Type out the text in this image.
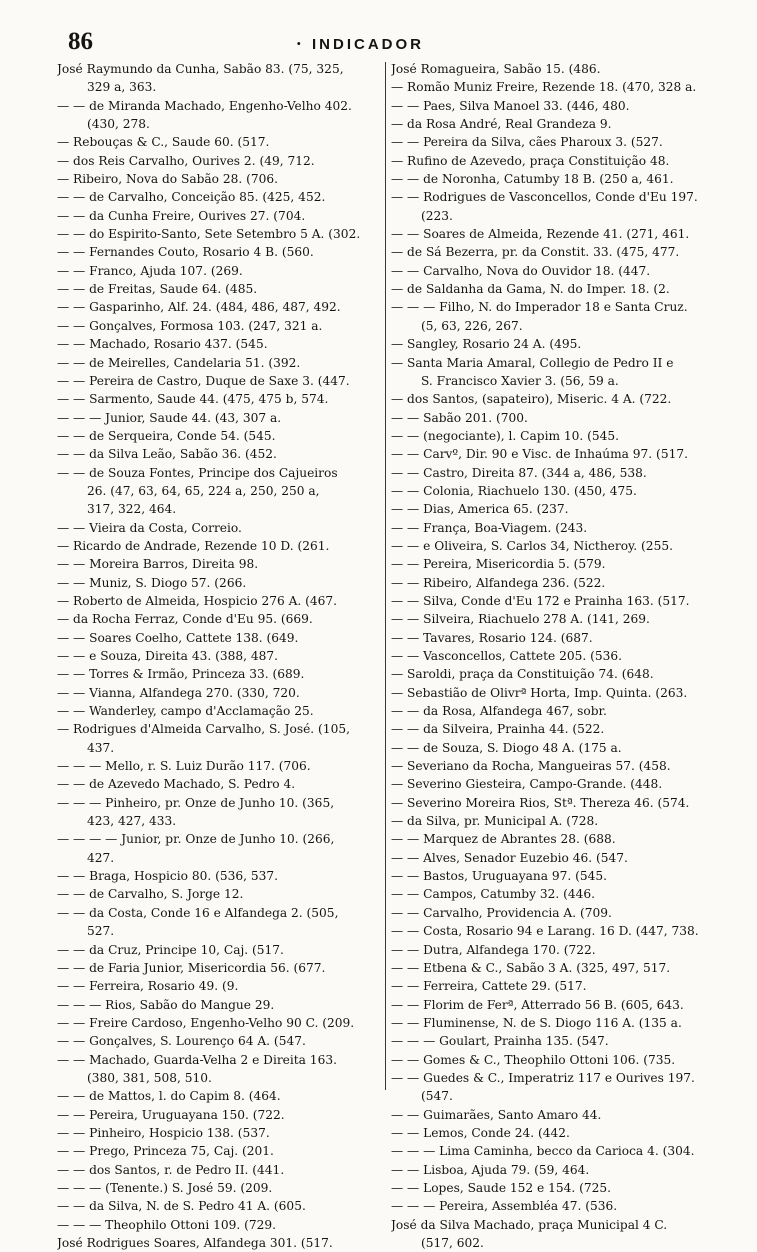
86	· INDICADOR
José Raymundo da Cunha, Sabão 83. (75, 325,
329 a, 363.
— — de Miranda Machado, Engenho-Velho 402.
(430, 278.
— Rebouças & C., Saude 60. (517.
— dos Reis Carvalho, Ourives 2. (49, 712.
— Ribeiro, Nova do Sabão 28. (706.
— — de Carvalho, Conceição 85. (425, 452.
— — da Cunha Freire, Ourives 27. (704.
— — do Espirito-Santo, Sete Setembro 5 A. (302.
— — Fernandes Couto, Rosario 4 B. (560.
— — Franco, Ajuda 107. (269.
— — de Freitas, Saude 64. (485.
— — Gasparinho, Alf. 24. (484, 486, 487, 492.
— — Gonçalves, Formosa 103. (247, 321 a.
— — Machado, Rosario 437. (545.
— — de Meirelles, Candelaria 51. (392.
— — Pereira de Castro, Duque de Saxe 3. (447.
— — Sarmento, Saude 44. (475, 475 b, 574.
— — — Junior, Saude 44. (43, 307 a.
— — de Serqueira, Conde 54. (545.
— — da Silva Leão, Sabão 36. (452.
— — de Souza Fontes, Principe dos Cajueiros
26. (47, 63, 64, 65, 224 a, 250, 250 a,
317, 322, 464.
— — Vieira da Costa, Correio.
— Ricardo de Andrade, Rezende 10 D. (261.
— — Moreira Barros, Direita 98.
— — Muniz, S. Diogo 57. (266.
— Roberto de Almeida, Hospicio 276 A. (467.
— da Rocha Ferraz, Conde d'Eu 95. (669.
— — Soares Coelho, Cattete 138. (649.
— — e Souza, Direita 43. (388, 487.
— — Torres & Irmão, Princeza 33. (689.
— — Vianna, Alfandega 270. (330, 720.
— — Wanderley, campo d'Acclamação 25.
— Rodrigues d'Almeida Carvalho, S. José. (105,
437.
— — — Mello, r. S. Luiz Durão 117. (706.
— — de Azevedo Machado, S. Pedro 4.
— — — Pinheiro, pr. Onze de Junho 10. (365,
423, 427, 433.
— — — — Junior, pr. Onze de Junho 10. (266,
427.
— — Braga, Hospicio 80. (536, 537.
— — de Carvalho, S. Jorge 12.
— — da Costa, Conde 16 e Alfandega 2. (505,
527.
— — da Cruz, Principe 10, Caj. (517.
— — de Faria Junior, Misericordia 56. (677.
— — Ferreira, Rosario 49. (9.
— — — Rios, Sabão do Mangue 29.
— — Freire Cardoso, Engenho-Velho 90 C. (209.
— — Gonçalves, S. Lourenço 64 A. (547.
— — Machado, Guarda-Velha 2 e Direita 163.
(380, 381, 508, 510.
— — de Mattos, l. do Capim 8. (464.
— — Pereira, Uruguayana 150. (722.
— — Pinheiro, Hospicio 138. (537.
— — Prego, Princeza 75, Caj. (201.
— — dos Santos, r. de Pedro II. (441.
— — — (Tenente.) S. José 59. (209.
— — da Silva, N. de S. Pedro 41 A. (605.
— — — Theophilo Ottoni 109. (729.
José Rodrigues Soares, Alfandega 301. (517.
José Romagueira, Sabão 15. (486.
— Romão Muniz Freire, Rezende 18. (470, 328 a.
— — Paes, Silva Manoel 33. (446, 480.
— da Rosa André, Real Grandeza 9.
— — Pereira da Silva, cães Pharoux 3. (527.
— Rufino de Azevedo, praça Constituição 48.
— — de Noronha, Catumby 18 B. (250 a, 461.
— — Rodrigues de Vasconcellos, Conde d'Eu 197.
(223.
— — Soares de Almeida, Rezende 41. (271, 461.
— de Sá Bezerra, pr. da Constit. 33. (475, 477.
— — Carvalho, Nova do Ouvidor 18. (447.
— de Saldanha da Gama, N. do Imper. 18. (2.
— — — Filho, N. do Imperador 18 e Santa Cruz.
(5, 63, 226, 267.
— Sangley, Rosario 24 A. (495.
— Santa Maria Amaral, Collegio de Pedro II e
S. Francisco Xavier 3. (56, 59 a.
— dos Santos, (sapateiro), Miseric. 4 A. (722.
— — Sabão 201. (700.
— — (negociante), l. Capim 10. (545.
— — Carvº, Dir. 90 e Visc. de Inhaúma 97. (517.
— — Castro, Direita 87. (344 a, 486, 538.
— — Colonia, Riachuelo 130. (450, 475.
— — Dias, America 65. (237.
— — França, Boa-Viagem. (243.
— — e Oliveira, S. Carlos 34, Nictheroy. (255.
— — Pereira, Misericordia 5. (579.
— — Ribeiro, Alfandega 236. (522.
— — Silva, Conde d'Eu 172 e Prainha 163. (517.
— — Silveira, Riachuelo 278 A. (141, 269.
— — Tavares, Rosario 124. (687.
— — Vasconcellos, Cattete 205. (536.
— Saroldi, praça da Constituição 74. (648.
— Sebastião de Olivrª Horta, Imp. Quinta. (263.
— — da Rosa, Alfandega 467, sobr.
— — da Silveira, Prainha 44. (522.
— — de Souza, S. Diogo 48 A. (175 a.
— Severiano da Rocha, Mangueiras 57. (458.
— Severino Giesteira, Campo-Grande. (448.
— Severino Moreira Rios, Stª. Thereza 46. (574.
— da Silva, pr. Municipal A. (728.
— — Marquez de Abrantes 28. (688.
— — Alves, Senador Euzebio 46. (547.
— — Bastos, Uruguayana 97. (545.
— — Campos, Catumby 32. (446.
— — Carvalho, Providencia A. (709.
— — Costa, Rosario 94 e Larang. 16 D. (447, 738.
— — Dutra, Alfandega 170. (722.
— — Etbena & C., Sabão 3 A. (325, 497, 517.
— — Ferreira, Cattete 29. (517.
— — Florim de Ferª, Atterrado 56 B. (605, 643.
— — Fluminense, N. de S. Diogo 116 A. (135 a.
— — — Goulart, Prainha 135. (547.
— — Gomes & C., Theophilo Ottoni 106. (735.
— — Guedes & C., Imperatriz 117 e Ourives 197.
(547.
— — Guimarães, Santo Amaro 44.
— — Lemos, Conde 24. (442.
— — — Lima Caminha, becco da Carioca 4. (304.
— — Lisboa, Ajuda 79. (59, 464.
— — Lopes, Saude 152 e 154. (725.
— — — Pereira, Assembléa 47. (536.
José da Silva Machado, praça Municipal 4 C.
(517, 602.
